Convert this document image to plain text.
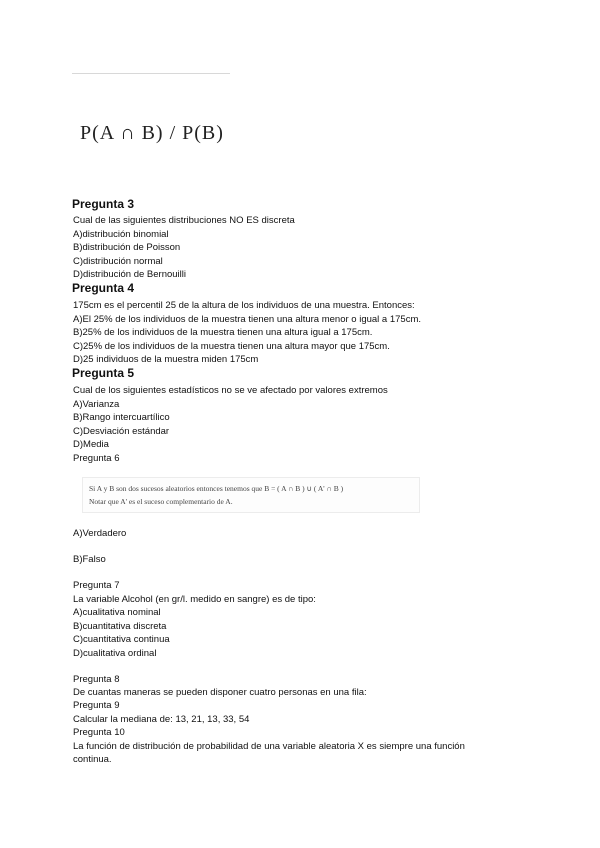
P(A ∩ B) / P(B)
Pregunta 3
Cual de las siguientes distribuciones NO ES discreta
A)distribución binomial
B)distribución de Poisson
C)distribución normal
D)distribución de Bernouilli
Pregunta 4
175cm es el percentil 25 de la altura de los individuos de una muestra. Entonces:
A)El 25% de los individuos de la muestra tienen una altura menor o igual a 175cm.
B)25% de los individuos de la muestra tienen una altura igual a 175cm.
C)25% de los individuos de la muestra tienen una altura mayor que 175cm.
D)25 individuos de la muestra miden 175cm
Pregunta 5
Cual de los siguientes estadísticos no se ve afectado por valores extremos
A)Varianza
B)Rango intercuartílico
C)Desviación estándar
D)Media
Pregunta 6
Si A y B son dos sucesos aleatorios entonces tenemos que B = ( A ∩ B ) ∪ ( A' ∩ B )
Notar que A' es el suceso complementario de A.
A)Verdadero
B)Falso
Pregunta 7
La variable Alcohol (en gr/l. medido en sangre) es de tipo:
A)cualitativa nominal
B)cuantitativa discreta
C)cuantitativa continua
D)cualitativa ordinal
Pregunta 8
De cuantas maneras se pueden disponer cuatro personas en una fila:
Pregunta 9
Calcular la mediana de: 13, 21, 13, 33, 54
Pregunta 10
La función de distribución de probabilidad de una variable aleatoria X es siempre una función
continua.
